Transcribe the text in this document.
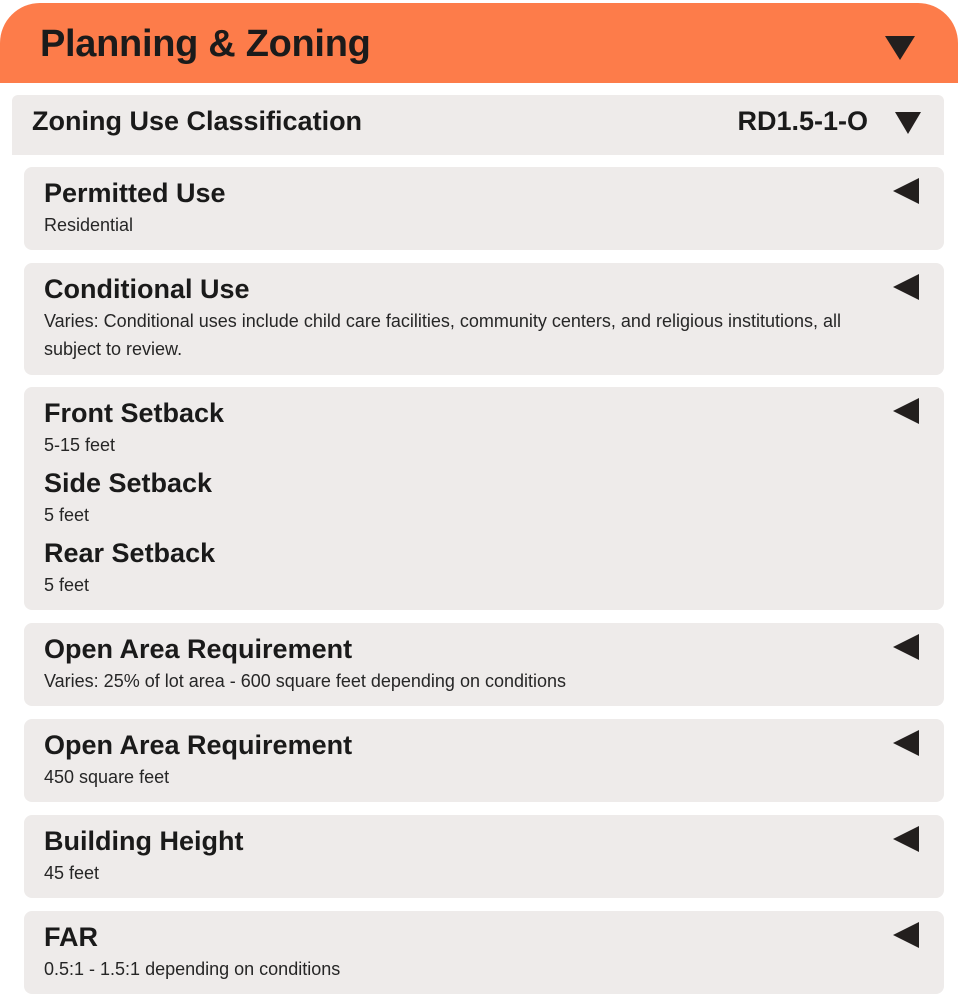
Planning & Zoning
Zoning Use Classification	RD1.5-1-O
Permitted Use
Residential
Conditional Use
Varies: Conditional uses include child care facilities, community centers, and religious institutions, all subject to review.
Front Setback
5-15 feet
Side Setback
5 feet
Rear Setback
5 feet
Open Area Requirement
Varies: 25% of lot area - 600 square feet depending on conditions
Open Area Requirement
450 square feet
Building Height
45 feet
FAR
0.5:1 - 1.5:1 depending on conditions
